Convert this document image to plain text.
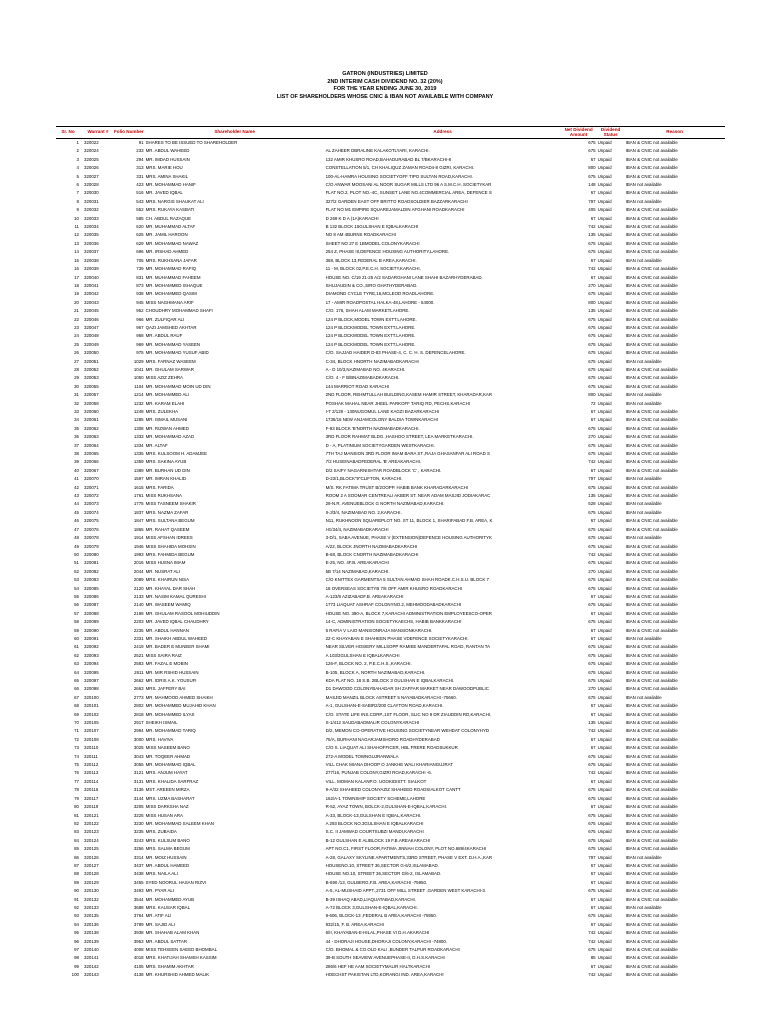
GATRON (INDUSTRIES) LIMITED
2ND INTERIM CASH DIVIDEND NO. 32 (20%)
FOR THE YEAR ENDING JUNE 30, 2019
LIST OF SHAREHOLDERS WHOSE CNIC & IBAN NOT AVAILABLE WITH COMPANY
Sr. No	Warrant #	Folio Number	Shareholder Name	Address	Net Dividend Amount	Dividend Status	Reason
1	320022	91	SHARES TO BE ISSUED TO SHAREHOLDER		675	Unpaid	IBAN & CNIC not available
2	320024	233	MR. ABDUL WAHEED	AL ZAHEER DBRALINE KALAKOTLYARI, KARACHI.	675	Unpaid	IBAN & CNIC not available
3	320025	294	MR. IMDAD HUSSAIN	132 AMIR KHUSRO ROAD,BAHADURABAD BL 7/BKARACHI-8	67	Unpaid	IBAN & CNIC not available
4	320026	313	MRS. MARIE HOU	CONSTELLATION 5/1, CH KHALIQUZ ZAMAN ROAD4-8 GIZRI, KARACHI.	800	Unpaid	IBAN & CNIC not available
5	320027	331	MRS. AMINA SHAKIL	100-AL-HAMRA HOUSING SOCIETYOFF TIPO SULTAN ROAD,KARACHI.	675	Unpaid	IBAN & CNIC not available
6	320028	423	MR. MOHAMMAD HANIF	C/O ANWAR MOOSANI AL NOOR SUGAR MILLS LTD 96 A S.M.C.H. SOCIETYKAR	148	Unpaid	IBAN not available
7	320030	516	MR. JAVED IQBAL	FLAT NO.2, PLOT NO.-4C, SUNSET LANE NO.4COMMERCIAL AREA, DEFENCE S	67	Unpaid	IBAN & CNIC not available
8	320031	543	MRS. NARGIS SHAUKAT ALI	327/2 GARDEN EAST OFF BRITTO ROADSOLDIER BAZZARKARACHI	797	Unpaid	IBAN not available
9	320032	552	MRS. RUKAYA KASBATI	FLAT NO M1 EMPIRE SQUAREJAMALDIN AFGHANI ROADKARACHI	405	Unpaid	IBAN & CNIC not available
10	320033	585	CH. ABDUL RAZAQUE	D 269 K D A (1A)KARACHI	67	Unpaid	IBAN & CNIC not available
11	320034	620	MR. MUHAMMAD ALTAF	B 132 BLOCK 15GULSHAN E IQBALKARACHI	742	Unpaid	IBAN & CNIC not available
12	320035	625	MR. JAMIL HAROON	NO 8 AM 4BURNS ROADKARACHI	135	Unpaid	IBAN & CNIC not available
13	320036	629	MR. MOHAMMAD NAWAZ	SHEET NO 27 E 1BMODEL COLONYKARACHI	675	Unpaid	IBAN & CNIC not available
14	320037	696	MR. IRSHAD AHMED	254 Z, PHASE III,DEFENCE HOUSING AUTHORITY,LAHORE.	675	Unpaid	IBAN & CNIC not available
15	320038	705	MRS. RUKHSANA JAFAR	368, BLOCK 13,FEDERAL B AREA,KARACHI.	67	Unpaid	IBAN not available
16	320039	739	MR. MOHAMMAD RAFIQ	11 - M, BLOCK 02,P.E.C.H. SOCIETY,KARACHI.	742	Unpaid	IBAN & CNIC not available
17	320040	831	MR. MUHAMMAD FAHEEM	HOUSE NO. C/19 21-25 A/2 SADARGHANI LANE SHAHI BAZARHYDERABAD.	67	Unpaid	IBAN & CNIC not available
18	320041	873	MR. MOHAMMED ISHAQUE	SHUJAUDIN & CO.,SIRO GHATHYDERABAD.	270	Unpaid	IBAN & CNIC not available
19	320042	938	MR. MOHAMMED QASIM	DIAMOND CYCLE TYRE,16,MCLEOD ROADLAHORE.	675	Unpaid	IBAN & CNIC not available
20	320043	945	MISS NAGHMANA ARIF	17 - AMIR ROADPOSTAL HALKA-48,LAHORE - 54000.	800	Unpaid	IBAN & CNIC not available
21	320045	952	CHOUDHRY MOHAMMAD SHAFI	C/O. 176, SHAH ALAM MARKETLAHORE.	135	Unpaid	IBAN & CNIC not available
22	320046	966	MR. ZULFIQAR ALI	124 P BLOCK,MODEL TOWN EXTT.LAHORE.	675	Unpaid	IBAN & CNIC not available
23	320047	967	QAZI JAMSHED AKHTAR	124 P BLOCKMODEL TOWN EXTT.LAHORE.	675	Unpaid	IBAN & CNIC not available
24	320048	968	MR. ABDUL RAUF	124 P BLOCKMODEL TOWN EXTT.LAHORE.	675	Unpaid	IBAN & CNIC not available
25	320049	969	MR. MOHAMMAD YASEEN	124 P BLOCKMODEL TOWN EXTT.LAHORE.	675	Unpaid	IBAN & CNIC not available
26	320050	975	MR. MOHAMMAD YUSUF ABID	C/O. SAJJAD HAIDER D-83 PHASE-4, C. C. H. S. DEFENCELAHORE.	675	Unpaid	IBAN & CNIC not available
27	320051	1029	MRS. FARNAZ WASEEM	C-34, BLOCK HNORTH NAZIMABADKARACHI	675	Unpaid	IBAN not available
28	320052	1041	MR. GHULAM SARWAR	A - D 10/3,NAZIMABAD NO. 4KARACHI.	675	Unpaid	IBAN & CNIC not available
29	320053	1050	MISS AZIZ ZEHRA	C/O. 4 - F B/BNAZIMABADKARACHI.	675	Unpaid	IBAN & CNIC not available
30	320055	1104	MR. MOHAMMAD MOIN UD DIN	144 MARRIOT ROAD KARACHI	675	Unpaid	IBAN & CNIC not available
31	320057	1214	MR. MOHAMMED ALI	2ND FLOOR, REHMTULLAH BUILDING,KASEM HAMIR STREET, KHARADAR,KAR	800	Unpaid	IBAN not available
32	320058	1232	MR. KARAM ELAHI	POSHAK MAHAL NEAR JHEEL PARKOFF TARIQ RD, PECHS,KARACHI	72	Unpaid	IBAN not available
33	320060	1248	MRS. ZULEKHA	I-T 2/129 - 130NUGOMUL LANE KAGZI BAZARKARACHI	67	Unpaid	IBAN & CNIC not available
34	320061	1285	MR. ISMAIL MUSANI	1735/16 NEW ANJAMCOLONY BALDIA TOWNKARACHI	67	Unpaid	IBAN & CNIC not available
35	320062	1308	MR. RIZWAN AHMED	F-93 BLOCK 'B'NORTH NAZIMABADKARACHI.	675	Unpaid	IBAN & CNIC not available
36	320063	1333	MR. MOHAMMAD AZAD	3RD FLOOR RAHMAT BLDG.,HASHOO STREET, LEA MARKETKARACHI.	270	Unpaid	IBAN & CNIC not available
37	320064	1334	MR. ALTAF	D - A, PLATINIUM SOCIETYGARDEN WESTKARACHI.	675	Unpaid	IBAN & CNIC not available
38	320065	1335	MRS. KULSOOM H. ADAMJEE	7TH TAJ MANSION 3RD FLOOR IMAM BARA ST.,RAJA GHASANFAR ALI ROAD S	675	Unpaid	IBAN & CNIC not available
39	320066	1359	MRS. SAKINA AYUB	7/2 HUSEINABADFEDERAL 'B' AREAKARACHI.	742	Unpaid	IBAN & CNIC not available
40	320067	1389	MR. BURHAN UD DIN	D/2 SAIFY NAGARNISHTAR ROADBLOCK 'C' , KARACHI.	67	Unpaid	IBAN & CNIC not available
41	320070	1597	MR. IMRAN KHALID	D-23/1,BLOCK"9"CLIFTON, KARACHI.	797	Unpaid	IBAN not available
42	320071	1615	MRS. FARIDA	M/S. RK FATIMA TRUST B/2OOPP. HABIB BANK KHARADARKARACHI	675	Unpaid	IBAN & CNIC not available
43	320072	1761	MISS RUKHSANA	ROOM 2 A SOOMAR CENTREALI AKBER ST. NEAR ADAM MASJID JODIAKARAC	135	Unpaid	IBAN & CNIC not available
44	320073	1775	MISS TASNEEM SHAKIR	29-N.R. AVENUEBLOCK G NORTH NAZIMABAD,KARACHI.	528	Unpaid	IBAN not available
45	320074	1837	MRS. NAZMA ZAFAR	II-J/3/4, NAZIMABAD NO. 2,KARACHI.	675	Unpaid	IBAN not available
46	320075	1847	MRS. SULTANA BEGUM	N11, RUKHNOON SQUAREPLOT NO. ST 11, BLOCK 1, SHARIFABAD F.B. AREA, K	67	Unpaid	IBAN & CNIC not available
47	320076	1865	MR. RAHAT QASEEM	I-E/34/4, NAZIMABADKARACHI	675	Unpaid	IBAN & CNIC not available
48	320078	1914	MISS AFSHAN IDREES	3-D/1, SABA AVENUE, PHASE V (EXTENSION)DEFENCE HOUSING AUTHORITYK	675	Unpaid	IBAN not available
49	320079	1946	MISS SHAHIDA MOHSIN	A/22, BLOCK JNORTH NAZIMABADKARACHI	675	Unpaid	IBAN & CNIC not available
50	320080	1993	MRS. FAHMIDA BEGUM	B-68, BLOCK CNORTH NAZIMABADKARACHI	742	Unpaid	IBAN & CNIC not available
51	320081	2016	MISS HUSNA IMAM	E-25, NO. 4F.B. AREAKARACHI	675	Unpaid	IBAN & CNIC not available
52	320082	2044	MR. NUSRAT ALI	5B 7/14 NAZIMABAD,KARACHI.	270	Unpaid	IBAN & CNIC not available
53	320083	2089	MRS. KHAIRUN NISA	C/O KNITTEX GARMENTSA 5 SULTAN AHMAD SHAH ROADK.C.H.S.U. BLOCK 7	675	Unpaid	IBAN & CNIC not available
54	320085	2120	MR. KHAYAL DAR SHAH	18 OVERSEAS SOCIETYB 7/8 OFF AMIR KHUSRO ROADKARACHI	675	Unpaid	IBAN & CNIC not available
55	320086	2133	MR. NASIM KAMAL QURESHI	A-123/8 AZIZABADF.B. AREAKARACHI	67	Unpaid	IBAN & CNIC not available
56	320087	2140	MR. WASEEM WAMIQ	1773 LIAQUAT ASHRAF COLONYNO.2, MEHMOODABADKARACHI	675	Unpaid	IBAN & CNIC not available
57	320088	2198	MR. GHULAM RASOOL MOHIUDDIN	HOUSE NO. 390-A, BLOCK 7,KARACHI ADMINISTRATION EMPLOYEESCO-OPER	67	Unpaid	IBAN & CNIC not available
58	320089	2203	MR. JAVED IQBAL CHAUDHRY	14-C, ADMINISTRATION SOCIETYKAECHS, HABIB BANKKARACHI	675	Unpaid	IBAN & CNIC not available
59	320090	2235	MR. ABDUL HANNAN	6 RAFIA V LAIO MANSIONRAJA MANSIONKARACHI.	67	Unpaid	IBAN & CNIC not available
60	320091	2331	MR. SHAIKH ABDUL WAHEED	22-C KHAYABAN E SHAHEEN PHASE VDEFENCE SOCIETYKARACHI.	67	Unpaid	IBAN not available
61	320092	2419	MR. BADER E MUNEER SHAMI	NEAR SILVER HOSIERY MILLSOPP RAMIEE MANDERTAPAL ROAD, RANTAN TA	675	Unpaid	IBAN & CNIC not available
62	320093	2521	MISS SAIRA RAIZ	A 103/2GULSHAN E IQBALKARACHI	675	Unpaid	IBAN & CNIC not available
63	320094	2583	MR. FAZAL E MOBIN	126-F, BLOCK NO. 2, P.E.C.H.S.,KARACHI.	675	Unpaid	IBAN & CNIC not available
64	320095	2611	MR. MIR RSHID HUSSAIN	B-105, BLOCK A, NORTH NAZIMABAD,KARACHI.	675	Unpaid	IBAN & CNIC not available
65	320097	2662	MR. IDRIS A.K. YOUSUFI	KDA FLAT NO. 18 S.B. 2BLOCK 3 GULSHAN E IQBALKARACHI.	675	Unpaid	IBAN & CNIC not available
66	320098	2663	MRS. JAFFERY BAI	D1 DAWOOD COLONYBAHADAR SH ZAFFAR MARKET NEAR DAWOODPUBLIC	270	Unpaid	IBAN & CNIC not available
67	320100	2773	MR. MAHMOOD AHMED SHAIKH	MASJID MANZIL BLOCK ASTREET 5 NAYABADKARACHI -75660.	675	Unpaid	IBAN not available
68	320101	2802	MR. MOHAMMED MUJAHID KHAN	A-1, GULSHAN-E-SABIR2/200 CLAYTON ROAD,KARACHI.	67	Unpaid	IBAN & CNIC not available
69	320102	2818	MR. MOHAMMED ILYAS	C/O. STATE LIFE INS.CORP.,1ST FLOOR, SLIC NO 9 DR ZIAUDDIN RD,KARACHI.	67	Unpaid	IBAN & CNIC not available
70	320105	2917	SHEIKH ISMAIL	S-1/412 SAUDABADMALIR COLONYKARACHI	135	Unpaid	IBAN & CNIC not available
71	320107	2994	MR. MOHAMMAD TARIQ	D/2, MEMON CO-OPERATIVE HOUSING SOCIETYNEAR WEHDAT COLONYHYD	742	Unpaid	IBAN & CNIC not available
72	320108	3000	MRS. HAVIVA	75/A, BURHANI NAGARJAMSHORO ROADHYDERABAD	67	Unpaid	IBAN & CNIC not available
73	320110	3025	MISS NASEEM BANO	C/O S. LIAQUAT ALI SHAHOFFICER, HBL FRERE ROADSUKKUR	67	Unpaid	IBAN & CNIC not available
74	320111	3043	MR. TOQEER AHMAD	272-A MODEL TOWNGUJRANWALA	675	Unpaid	IBAN & CNIC not available
75	320112	3055	MR. MOHAMMAD IQBAL	VILL CHAK MIANA DHOOP O JANKHE WALI KHARIANGUJRAT	675	Unpaid	IBAN & CNIC not available
76	320113	3121	MRS. ANJUM HAYAT	277/16, PUNJAB COLONY,GIZRI ROAD,KARACHI -6.	742	Unpaid	IBAN & CNIC not available
77	320114	3131	MRS. KHALIDA SARFRAZ	VILL. MOMAN KALANP.O. UGOKIDISTT. SIALKOT	67	Unpaid	IBAN & CNIC not available
78	320116	3136	MST. AREEEN MIRZA	9-A/32 SHAHEED COLONYAZIZ SHAHEED ROADSIALKOT CANTT	675	Unpaid	IBAN & CNIC not available
79	320117	3144	MRS. UZMA BASHARAT	162/A-1 TOWNSHIP SOCIETY SCHEME,LAHORE	675	Unpaid	IBAN & CNIC not available
80	320119	3205	MISS DARKSHA NAZ	R-52, AYAZ TOWN, BOLCK-2,GULSHAN-E-IQBAL,KARACHI.	67	Unpaid	IBAN & CNIC not available
81	320121	3225	MISS HUSAN ARA	A-33, BLOCK-13,GULSHAN E IQBAL,KARACHI.	675	Unpaid	IBAN & CNIC not available
82	320122	3230	MR. MOHAMMAD SALEEM KHAN	A 293 BLOCK NO.3GULSHAN E IQBALKARACHI	675	Unpaid	IBAN & CNIC not available
83	320123	3235	MRS. ZUBAIDA	S.C. II JAMWAD COURTSUBZI MANDI,KARACHI	675	Unpaid	IBAN & CNIC not available
84	320124	3243	MRS. KULSUM BANO	B-12 GULSHAN E ALIBLOCK 19 F.B.AREAKARACHI	675	Unpaid	IBAN & CNIC not available
85	320125	3256	MRS. SALMA BEGUM	APT NO.C1, FIRST FLOOR,FATIMA JINNAH COLONY, PLOT NO.689/4KARACHI	675	Unpaid	IBAN & CNIC not available
86	320126	3314	MR. MOIZ HUSSAIN	A-28, GALAXY SKYLINE APARTMENTS,33RD STREET, PHASE V EXT. D.H.A.,KAR	797	Unpaid	IBAN not available
87	320127	3437	MR. ABDUL HAMEED	HOUSENO.10, STREET 36,SECTOR G-6/2,ISLAMABAD.	67	Unpaid	IBAN & CNIC not available
88	320128	3438	MRS. NAILA ALI	HOUSE NO.10, STREET 36,SECTOR G/6-2, ISLAMABAD.	67	Unpaid	IBAN & CNIC not available
89	320129	3455	SYED NOORUL HASAN RIZVI	B-690 /13, GULBERG,F.B. AREA,KARACHI -75950.	67	Unpaid	IBAN & CNIC not available
90	320130	3493	MR. PYAR ALI	A-5, AL-MUSHAID APPT.,2731 OFF MILL STREET ,GARDEN WEST KARACHI-3.	675	Unpaid	IBAN & CNIC not available
91	320132	3544	MR. MOHAMMED AYUB	B-39 ISHAQ ABAD,LIAQUATABAD,KARACHI.	67	Unpaid	IBAN & CNIC not available
92	320133	3688	MRS. KAUSAR IQBAL	A-72 BLOCK 3,GULSHAN-E-IQBAL,KARACHI.	67	Unpaid	IBAN not available
93	320135	3764	MR. ATIF ALI	9-606, BLOCK-13 ,FEDERAL B AREA,KARACHI -75950.	675	Unpaid	IBAN & CNIC not available
94	320136	3789	MR. SAJID ALI	932/15, F. B. AREA,KARACHI	67	Unpaid	IBAN & CNIC not available
95	320138	3938	MR. SHAHAB ALAM KHAN	6/II, KHAYABAN-E-HILAL,PHASE VI D.H.AKARACHI	742	Unpaid	IBAN & CNIC not available
96	320139	3953	MR. ABDUL SATTAR	44 - DHORAJI HOUSE,DHORAJI COLONY,KARACHI -74800.	742	Unpaid	IBAN & CNIC not available
97	320140	4008	MISS TEHSEEN SAEED BHOMBAL	C/O. BHOMAL & CO.OLD KALI ,BUNDER TALPUR ROADKARACHI	675	Unpaid	IBAN & CNIC not available
98	320141	4018	MRS. KHATIJAH SHAMSH KASSIM	39-B SOUTH SEAVIEW AVENUEPHASE-II, D.H.S.KARACHI	85	Unpaid	IBAN & CNIC not available
99	320142	4105	MRS. SHAMIM AKHTAR	286/6 HEF HE AAM SOCIETYMALIR HALTKARACHI	67	Unpaid	IBAN & CNIC not available
100	320143	4138	MR. KHURSHID AHMED MALIK	HOECHST PAKISTAN LTD,KORANGI IND. AREA,KARACHI	742	Unpaid	IBAN & CNIC not available
